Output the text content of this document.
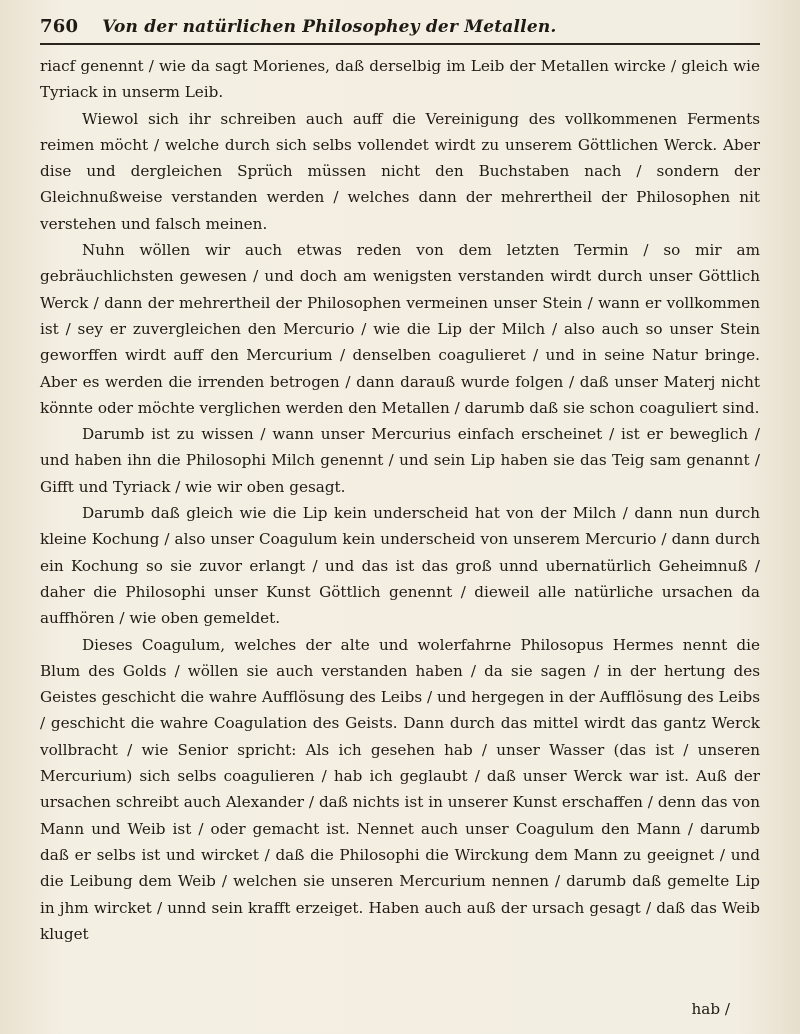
760 Von der natürlichen Philosophey der Metallen.

riacf genennt / wie da sagt Morienes, daß derselbig im Leib der Metallen wircke / gleich wie Tyriack in unserm Leib.

Wiewol sich ihr schreiben auch auff die Vereinigung des vollkommenen Ferments reimen möcht / welche durch sich selbs vollendet wirdt zu unserem Göttlichen Werck. Aber dise und dergleichen Sprüch müssen nicht den Buchstaben nach / sondern der Gleichnußweise verstanden werden / welches dann der mehrertheil der Philosophen nit verstehen und falsch meinen.

Nuhn wöllen wir auch etwas reden von dem letzten Termin / so mir am gebräuchlichsten gewesen / und doch am wenigsten verstanden wirdt durch unser Göttlich Werck / dann der mehrertheil der Philosophen vermeinen unser Stein / wann er vollkommen ist / sey er zuvergleichen den Mercurio / wie die Lip der Milch / also auch so unser Stein geworffen wirdt auff den Mercurium / denselben coagulieret / und in seine Natur bringe. Aber es werden die irrenden betrogen / dann darauß wurde folgen / daß unser Materj nicht könnte oder möchte verglichen werden den Metallen / darumb daß sie schon coaguliert sind.

Darumb ist zu wissen / wann unser Mercurius einfach erscheinet / ist er beweglich / und haben ihn die Philosophi Milch genennt / und sein Lip haben sie das Teig sam genannt / Gifft und Tyriack / wie wir oben gesagt.

Darumb daß gleich wie die Lip kein underscheid hat von der Milch / dann nun durch kleine Kochung / also unser Coagulum kein underscheid von unserem Mercurio / dann durch ein Kochung so sie zuvor erlangt / und das ist das groß unnd ubernatürlich Geheimnuß / daher die Philosophi unser Kunst Göttlich genennt / dieweil alle natürliche ursachen da auffhören / wie oben gemeldet.

Dieses Coagulum, welches der alte und wolerfahrne Philosopus Hermes nennt die Blum des Golds / wöllen sie auch verstanden haben / da sie sagen / in der hertung des Geistes geschicht die wahre Aufflösung des Leibs / und hergegen in der Aufflösung des Leibs / geschicht die wahre Coagulation des Geists. Dann durch das mittel wirdt das gantz Werck vollbracht / wie Senior spricht: Als ich gesehen hab / unser Wasser (das ist / unseren Mercurium) sich selbs coagulieren / hab ich geglaubt / daß unser Werck war ist. Auß der ursachen schreibt auch Alexander / daß nichts ist in unserer Kunst erschaffen / denn das von Mann und Weib ist / oder gemacht ist. Nennet auch unser Coagulum den Mann / darumb daß er selbs ist und wircket / daß die Philosophi die Wirckung dem Mann zu geeignet / und die Leibung dem Weib / welchen sie unseren Mercurium nennen / darumb daß gemelte Lip in jhm wircket / unnd sein krafft erzeiget. Haben auch auß der ursach gesagt / daß das Weib kluget

hab /
